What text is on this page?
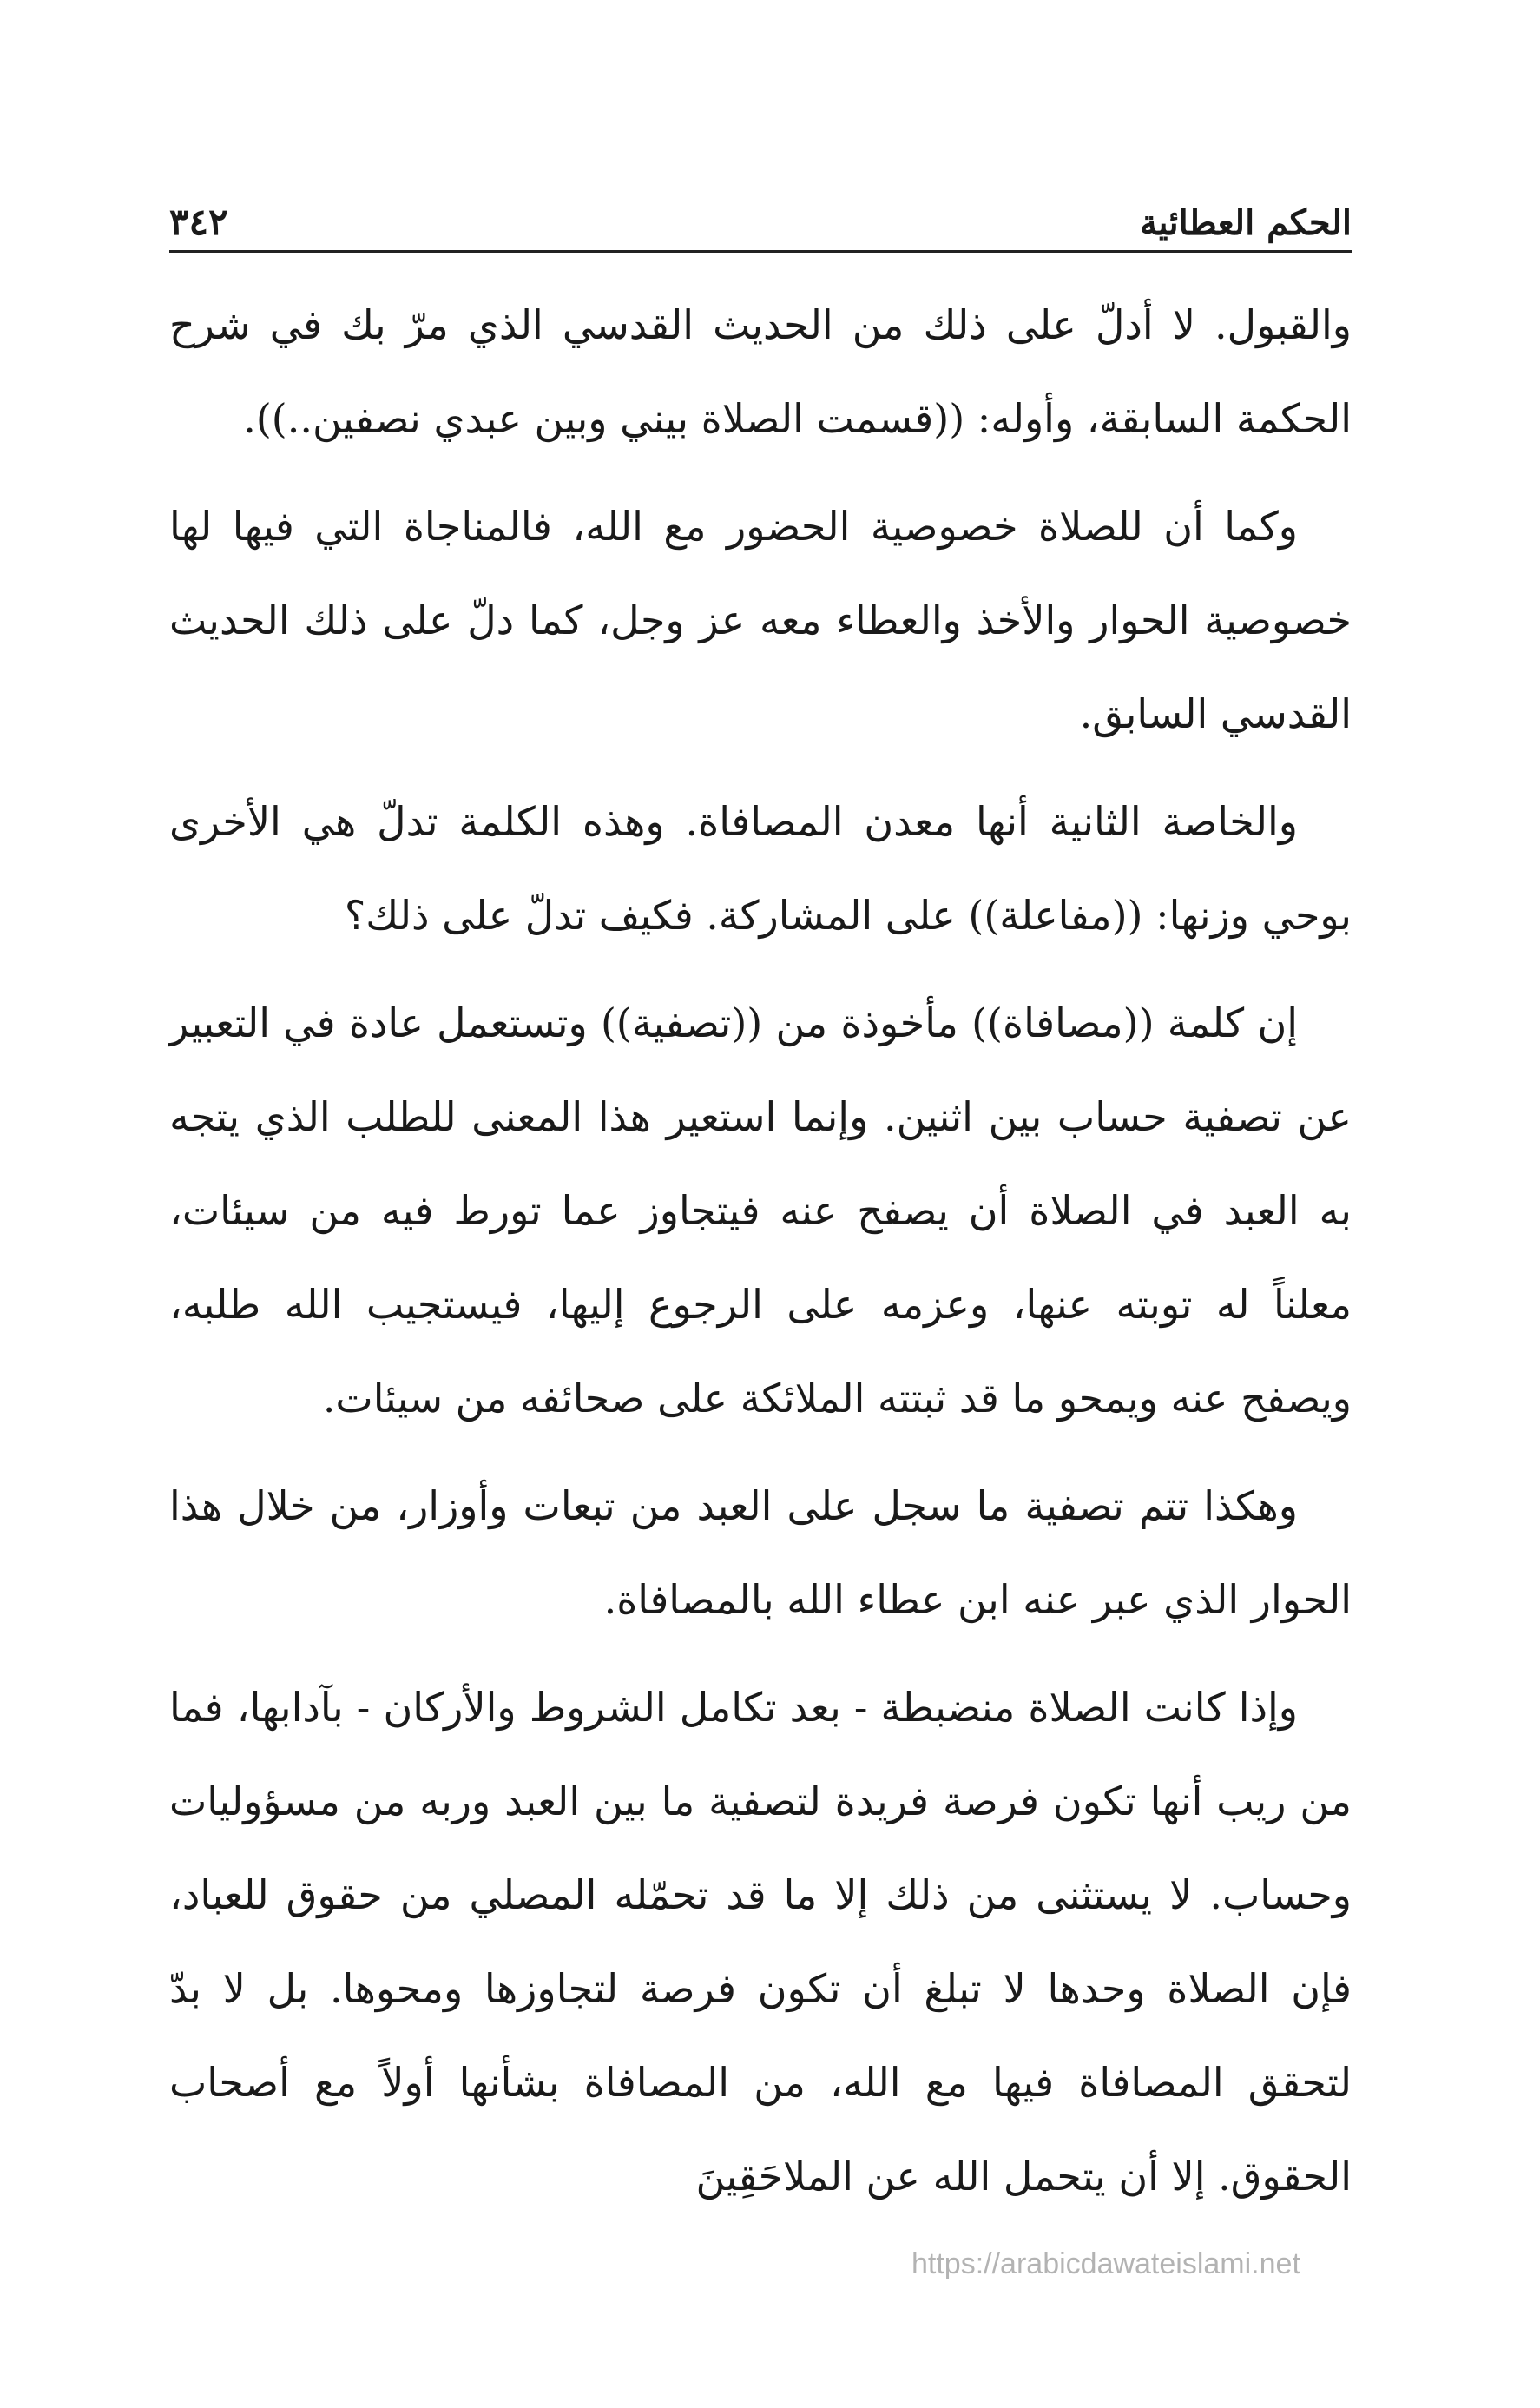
الحكم العطائية
٣٤٢

والقبول. لا أدلّ على ذلك من الحديث القدسي الذي مرّ بك في شرح الحكمة السابقة، وأوله: ((قسمت الصلاة بيني وبين عبدي نصفين..)).

وكما أن للصلاة خصوصية الحضور مع الله، فالمناجاة التي فيها لها خصوصية الحوار والأخذ والعطاء معه عز وجل، كما دلّ على ذلك الحديث القدسي السابق.

والخاصة الثانية أنها معدن المصافاة. وهذه الكلمة تدلّ هي الأخرى بوحي وزنها: ((مفاعلة)) على المشاركة. فكيف تدلّ على ذلك؟

إن كلمة ((مصافاة)) مأخوذة من ((تصفية)) وتستعمل عادة في التعبير عن تصفية حساب بين اثنين. وإنما استعير هذا المعنى للطلب الذي يتجه به العبد في الصلاة أن يصفح عنه فيتجاوز عما تورط فيه من سيئات، معلناً له توبته عنها، وعزمه على الرجوع إليها، فيستجيب الله طلبه، ويصفح عنه ويمحو ما قد ثبتته الملائكة على صحائفه من سيئات.

وهكذا تتم تصفية ما سجل على العبد من تبعات وأوزار، من خلال هذا الحوار الذي عبر عنه ابن عطاء الله بالمصافاة.

وإذا كانت الصلاة منضبطة - بعد تكامل الشروط والأركان - بآدابها، فما من ريب أنها تكون فرصة فريدة لتصفية ما بين العبد وربه من مسؤوليات وحساب. لا يستثنى من ذلك إلا ما قد تحمّله المصلي من حقوق للعباد، فإن الصلاة وحدها لا تبلغ أن تكون فرصة لتجاوزها ومحوها. بل لا بدّ لتحقق المصافاة فيها مع الله، من المصافاة بشأنها أولاً مع أصحاب الحقوق. إلا أن يتحمل الله عن الملاحَقِينَ

https://arabicdawateislami.net
